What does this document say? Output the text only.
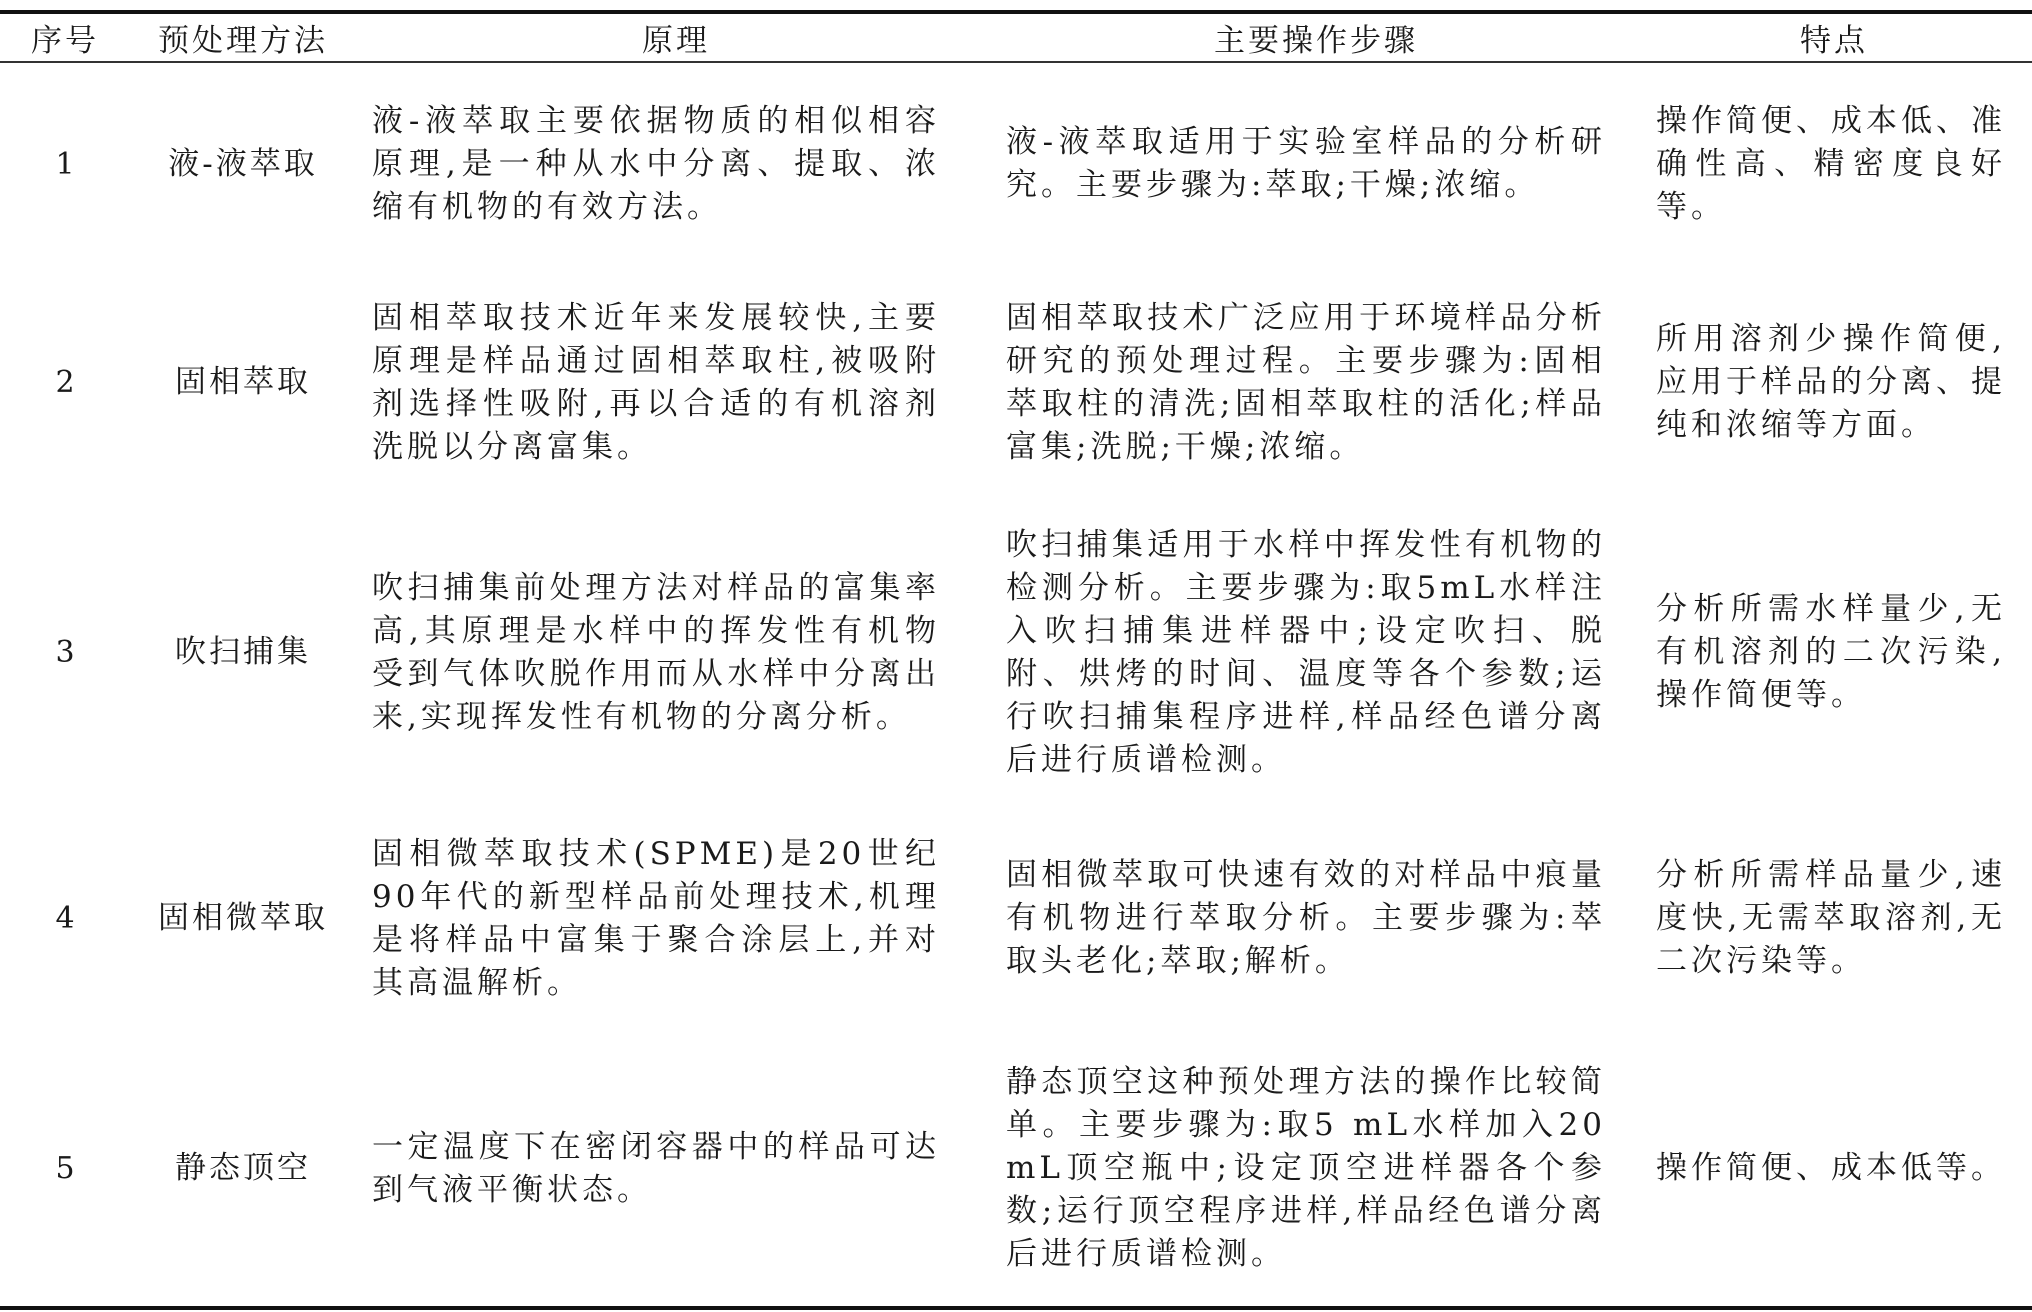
序号	预处理方法	原理	主要操作步骤	特点

1	液-液萃取	液-液萃取主要依据物质的相似相容原理,是一种从水中分离、提取、浓缩有机物的有效方法。	液-液萃取适用于实验室样品的分析研究。主要步骤为:萃取;干燥;浓缩。	操作简便、成本低、准确性高、精密度良好等。

2	固相萃取	固相萃取技术近年来发展较快,主要原理是样品通过固相萃取柱,被吸附剂选择性吸附,再以合适的有机溶剂洗脱以分离富集。	固相萃取技术广泛应用于环境样品分析研究的预处理过程。主要步骤为:固相萃取柱的清洗;固相萃取柱的活化;样品富集;洗脱;干燥;浓缩。	所用溶剂少操作简便,应用于样品的分离、提纯和浓缩等方面。

3	吹扫捕集	吹扫捕集前处理方法对样品的富集率高,其原理是水样中的挥发性有机物受到气体吹脱作用而从水样中分离出来,实现挥发性有机物的分离分析。	吹扫捕集适用于水样中挥发性有机物的检测分析。主要步骤为:取5mL水样注入吹扫捕集进样器中;设定吹扫、脱附、烘烤的时间、温度等各个参数;运行吹扫捕集程序进样,样品经色谱分离后进行质谱检测。	分析所需水样量少,无有机溶剂的二次污染,操作简便等。

4	固相微萃取	固相微萃取技术(SPME)是20世纪90年代的新型样品前处理技术,机理是将样品中富集于聚合涂层上,并对其高温解析。	固相微萃取可快速有效的对样品中痕量有机物进行萃取分析。主要步骤为:萃取头老化;萃取;解析。	分析所需样品量少,速度快,无需萃取溶剂,无二次污染等。

5	静态顶空	一定温度下在密闭容器中的样品可达到气液平衡状态。	静态顶空这种预处理方法的操作比较简单。主要步骤为:取5 mL水样加入20 mL顶空瓶中;设定顶空进样器各个参数;运行顶空程序进样,样品经色谱分离后进行质谱检测。	操作简便、成本低等。
